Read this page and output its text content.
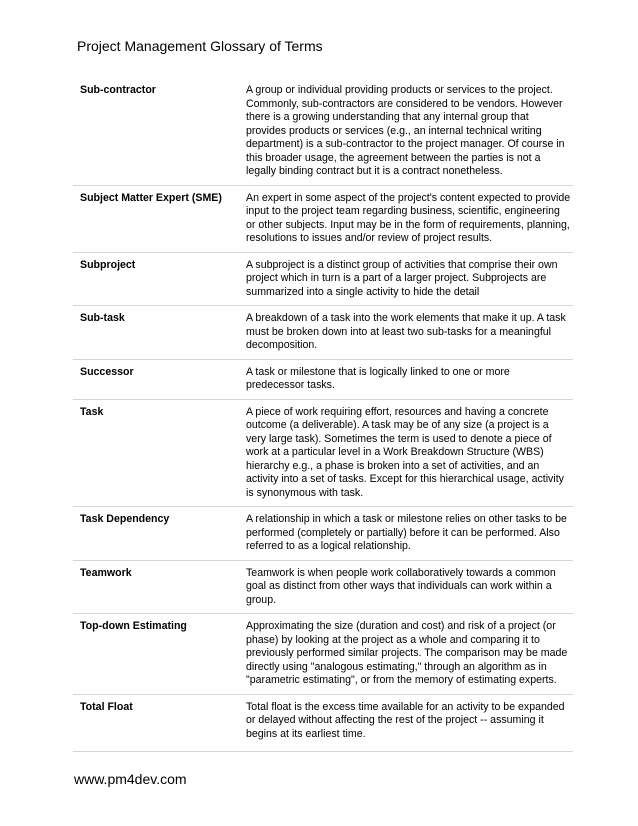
Project Management Glossary of Terms
Sub-contractor	A group or individual providing products or services to the project. Commonly, sub-contractors are considered to be vendors. However there is a growing understanding that any internal group that provides products or services (e.g., an internal technical writing department) is a sub-contractor to the project manager. Of course in this broader usage, the agreement between the parties is not a legally binding contract but it is a contract nonetheless.
Subject Matter Expert (SME)	An expert in some aspect of the project's content expected to provide input to the project team regarding business, scientific, engineering or other subjects. Input may be in the form of requirements, planning, resolutions to issues and/or review of project results.
Subproject	A subproject is a distinct group of activities that comprise their own project which in turn is a part of a larger project. Subprojects are summarized into a single activity to hide the detail
Sub-task	A breakdown of a task into the work elements that make it up. A task must be broken down into at least two sub-tasks for a meaningful decomposition.
Successor	A task or milestone that is logically linked to one or more predecessor tasks.
Task	A piece of work requiring effort, resources and having a concrete outcome (a deliverable). A task may be of any size (a project is a very large task). Sometimes the term is used to denote a piece of work at a particular level in a Work Breakdown Structure (WBS) hierarchy e.g., a phase is broken into a set of activities, and an activity into a set of tasks. Except for this hierarchical usage, activity is synonymous with task.
Task Dependency	A relationship in which a task or milestone relies on other tasks to be performed (completely or partially) before it can be performed. Also referred to as a logical relationship.
Teamwork	Teamwork is when people work collaboratively towards a common goal as distinct from other ways that individuals can work within a group.
Top-down Estimating	Approximating the size (duration and cost) and risk of a project (or phase) by looking at the project as a whole and comparing it to previously performed similar projects. The comparison may be made directly using "analogous estimating," through an algorithm as in "parametric estimating", or from the memory of estimating experts.
Total Float	Total float is the excess time available for an activity to be expanded or delayed without affecting the rest of the project -- assuming it begins at its earliest time.
www.pm4dev.com
